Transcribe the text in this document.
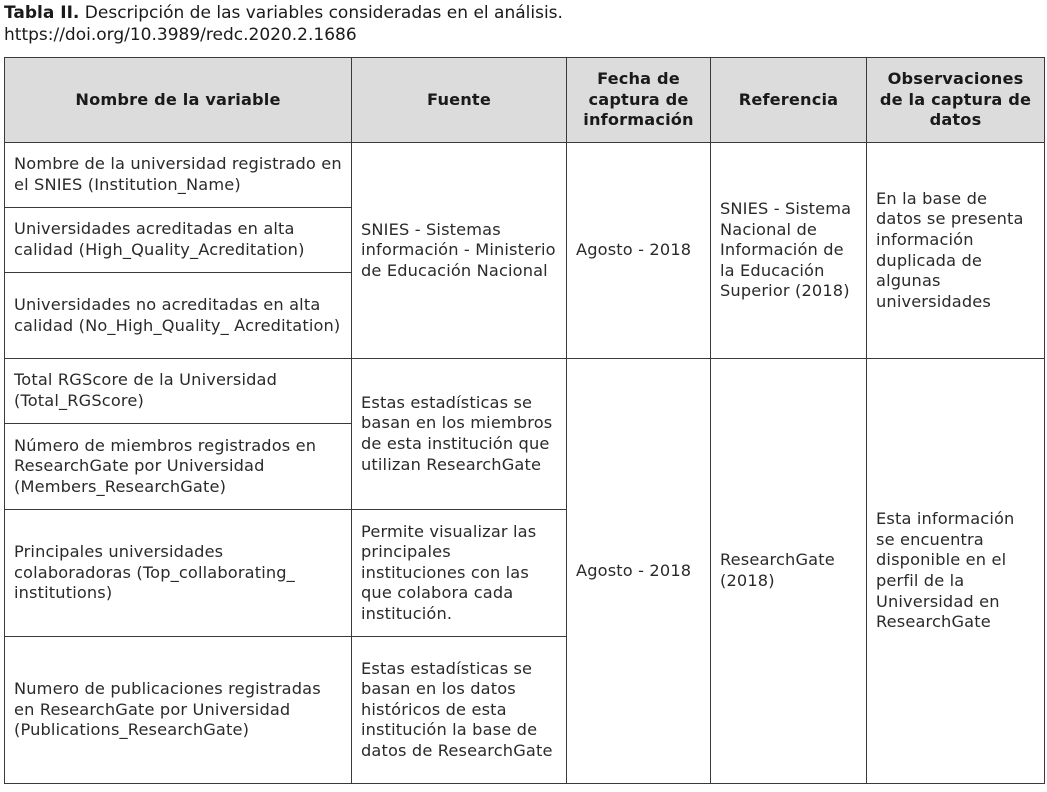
Tabla II. Descripción de las variables consideradas en el análisis.
https://doi.org/10.3989/redc.2020.2.1686
Nombre de la variable	Fuente	Fecha de captura de información	Referencia	Observaciones de la captura de datos
Nombre de la universidad registrado en el SNIES (Institution_Name)	SNIES - Sistemas información - Ministerio de Educación Nacional	Agosto - 2018	SNIES - Sistema Nacional de Información de la Educación Superior (2018)	En la base de datos se presenta información duplicada de algunas universidades
Universidades acreditadas en alta calidad (High_Quality_Acreditation)				
Universidades no acreditadas en alta calidad (No_High_Quality_ Acreditation)				
Total RGScore de la Universidad (Total_RGScore)	Estas estadísticas se basan en los miembros de esta institución que utilizan ResearchGate	Agosto - 2018	ResearchGate (2018)	Esta información se encuentra disponible en el perfil de la Universidad en ResearchGate
Número de miembros registrados en ResearchGate por Universidad (Members_ResearchGate)				
Principales universidades colaboradoras (Top_collaborating_ institutions)	Permite visualizar las principales instituciones con las que colabora cada institución.			
Numero de publicaciones registradas en ResearchGate por Universidad (Publications_ResearchGate)	Estas estadísticas se basan en los datos históricos de esta institución la base de datos de ResearchGate			
